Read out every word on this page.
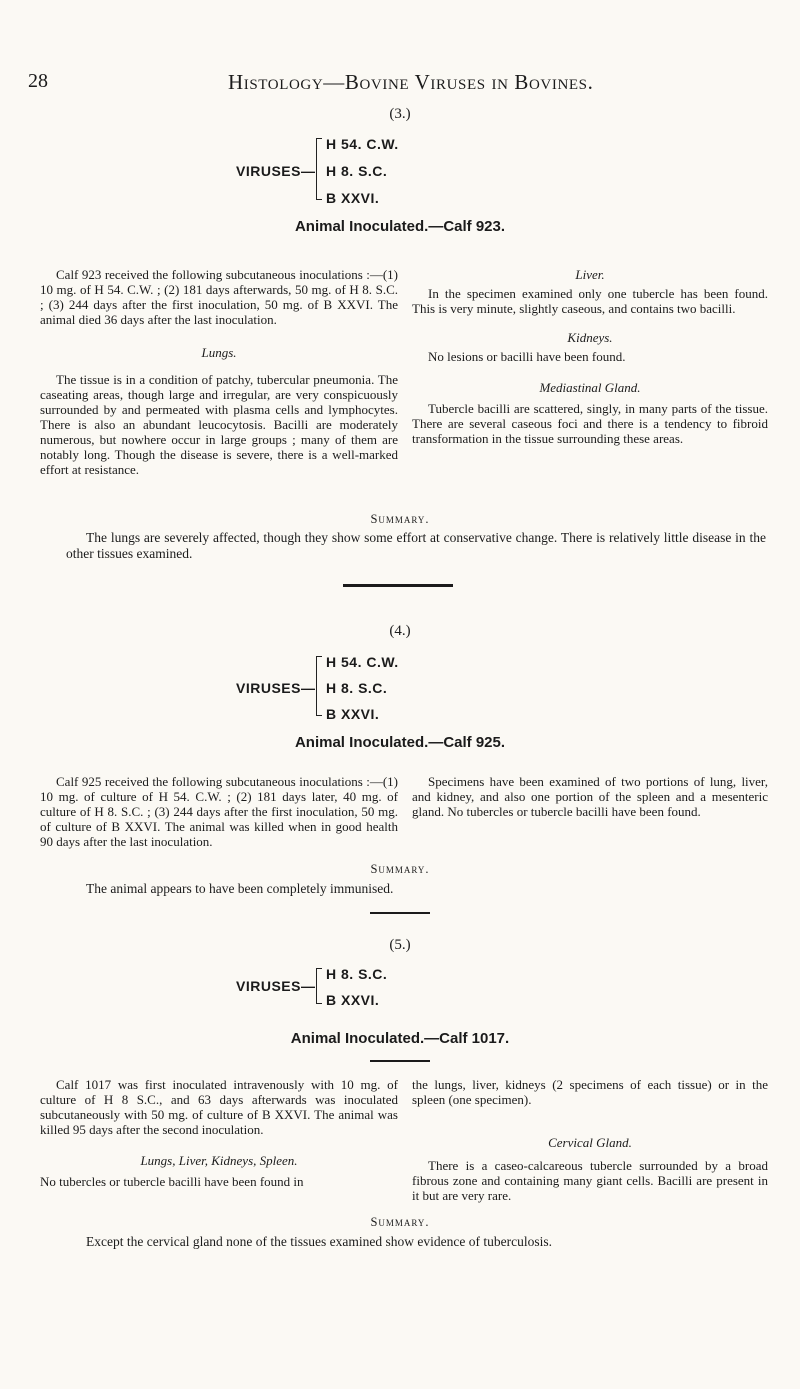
28	Histology—Bovine Viruses in Bovines.
(3.)
VIRUSES—
H 54. C.W.
H 8. S.C.
B XXVI.
Animal Inoculated.—Calf 923.

Calf 923 received the following subcutaneous inoculations :—(1) 10 mg. of H 54. C.W. ; (2) 181 days afterwards, 50 mg. of H 8. S.C. ; (3) 244 days after the first inoculation, 50 mg. of B XXVI. The animal died 36 days after the last inoculation.

Lungs.

The tissue is in a condition of patchy, tubercular pneumonia. The caseating areas, though large and irregular, are very conspicuously surrounded by and permeated with plasma cells and lymphocytes. There is also an abundant leucocytosis. Bacilli are moderately numerous, but nowhere occur in large groups ; many of them are notably long. Though the disease is severe, there is a well-marked effort at resistance.

Liver.

In the specimen examined only one tubercle has been found. This is very minute, slightly caseous, and contains two bacilli.

Kidneys.

No lesions or bacilli have been found.

Mediastinal Gland.

Tubercle bacilli are scattered, singly, in many parts of the tissue. There are several caseous foci and there is a tendency to fibroid transformation in the tissue surrounding these areas.

Summary.
The lungs are severely affected, though they show some effort at conservative change. There is relatively little disease in the other tissues examined.
(4.)
VIRUSES—
H 54. C.W.
H 8. S.C.
B XXVI.
Animal Inoculated.—Calf 925.

Calf 925 received the following subcutaneous inoculations :—(1) 10 mg. of culture of H 54. C.W. ; (2) 181 days later, 40 mg. of culture of H 8. S.C. ; (3) 244 days after the first inoculation, 50 mg. of culture of B XXVI. The animal was killed when in good health 90 days after the last inoculation.

Specimens have been examined of two portions of lung, liver, and kidney, and also one portion of the spleen and a mesenteric gland. No tubercles or tubercle bacilli have been found.

Summary.
The animal appears to have been completely immunised.
(5.)
VIRUSES—
H 8. S.C.
B XXVI.
Animal Inoculated.—Calf 1017.

Calf 1017 was first inoculated intravenously with 10 mg. of culture of H 8 S.C., and 63 days afterwards was inoculated subcutaneously with 50 mg. of culture of B XXVI. The animal was killed 95 days after the second inoculation.

Lungs, Liver, Kidneys, Spleen.

No tubercles or tubercle bacilli have been found in

the lungs, liver, kidneys (2 specimens of each tissue) or in the spleen (one specimen).

Cervical Gland.

There is a caseo-calcareous tubercle surrounded by a broad fibrous zone and containing many giant cells. Bacilli are present in it but are very rare.

Summary.
Except the cervical gland none of the tissues examined show evidence of tuberculosis.
